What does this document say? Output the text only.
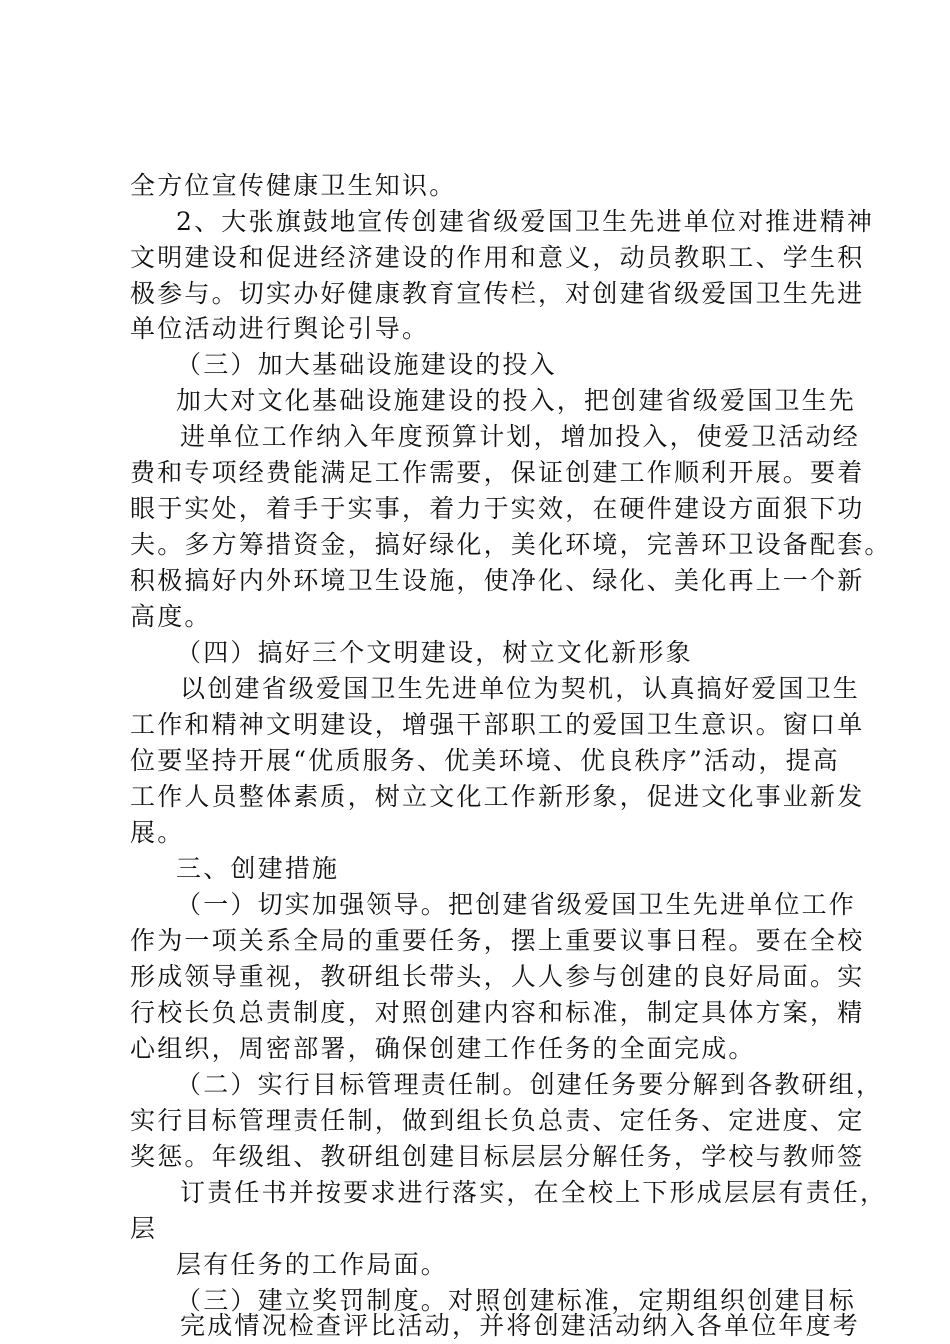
全方位宣传健康卫生知识。
2、大张旗鼓地宣传创建省级爱国卫生先进单位对推进精神
文明建设和促进经济建设的作用和意义，动员教职工、学生积
极参与。切实办好健康教育宣传栏，对创建省级爱国卫生先进
单位活动进行舆论引导。
（三）加大基础设施建设的投入
加大对文化基础设施建设的投入，把创建省级爱国卫生先
进单位工作纳入年度预算计划，增加投入，使爱卫活动经
费和专项经费能满足工作需要，保证创建工作顺利开展。要着
眼于实处，着手于实事，着力于实效，在硬件建设方面狠下功
夫。多方筹措资金，搞好绿化，美化环境，完善环卫设备配套。
积极搞好内外环境卫生设施，使净化、绿化、美化再上一个新
高度。
（四）搞好三个文明建设，树立文化新形象
以创建省级爱国卫生先进单位为契机，认真搞好爱国卫生
工作和精神文明建设，增强干部职工的爱国卫生意识。窗口单
位要坚持开展“优质服务、优美环境、优良秩序”活动，提高
工作人员整体素质，树立文化工作新形象，促进文化事业新发
展。
三、创建措施
（一）切实加强领导。把创建省级爱国卫生先进单位工作
作为一项关系全局的重要任务，摆上重要议事日程。要在全校
形成领导重视，教研组长带头，人人参与创建的良好局面。实
行校长负总责制度，对照创建内容和标准，制定具体方案，精
心组织，周密部署，确保创建工作任务的全面完成。
（二）实行目标管理责任制。创建任务要分解到各教研组，
实行目标管理责任制，做到组长负总责、定任务、定进度、定
奖惩。年级组、教研组创建目标层层分解任务，学校与教师签
订责任书并按要求进行落实，在全校上下形成层层有责任，
层
层有任务的工作局面。
（三）建立奖罚制度。对照创建标准，定期组织创建目标
完成情况检查评比活动，并将创建活动纳入各单位年度考
